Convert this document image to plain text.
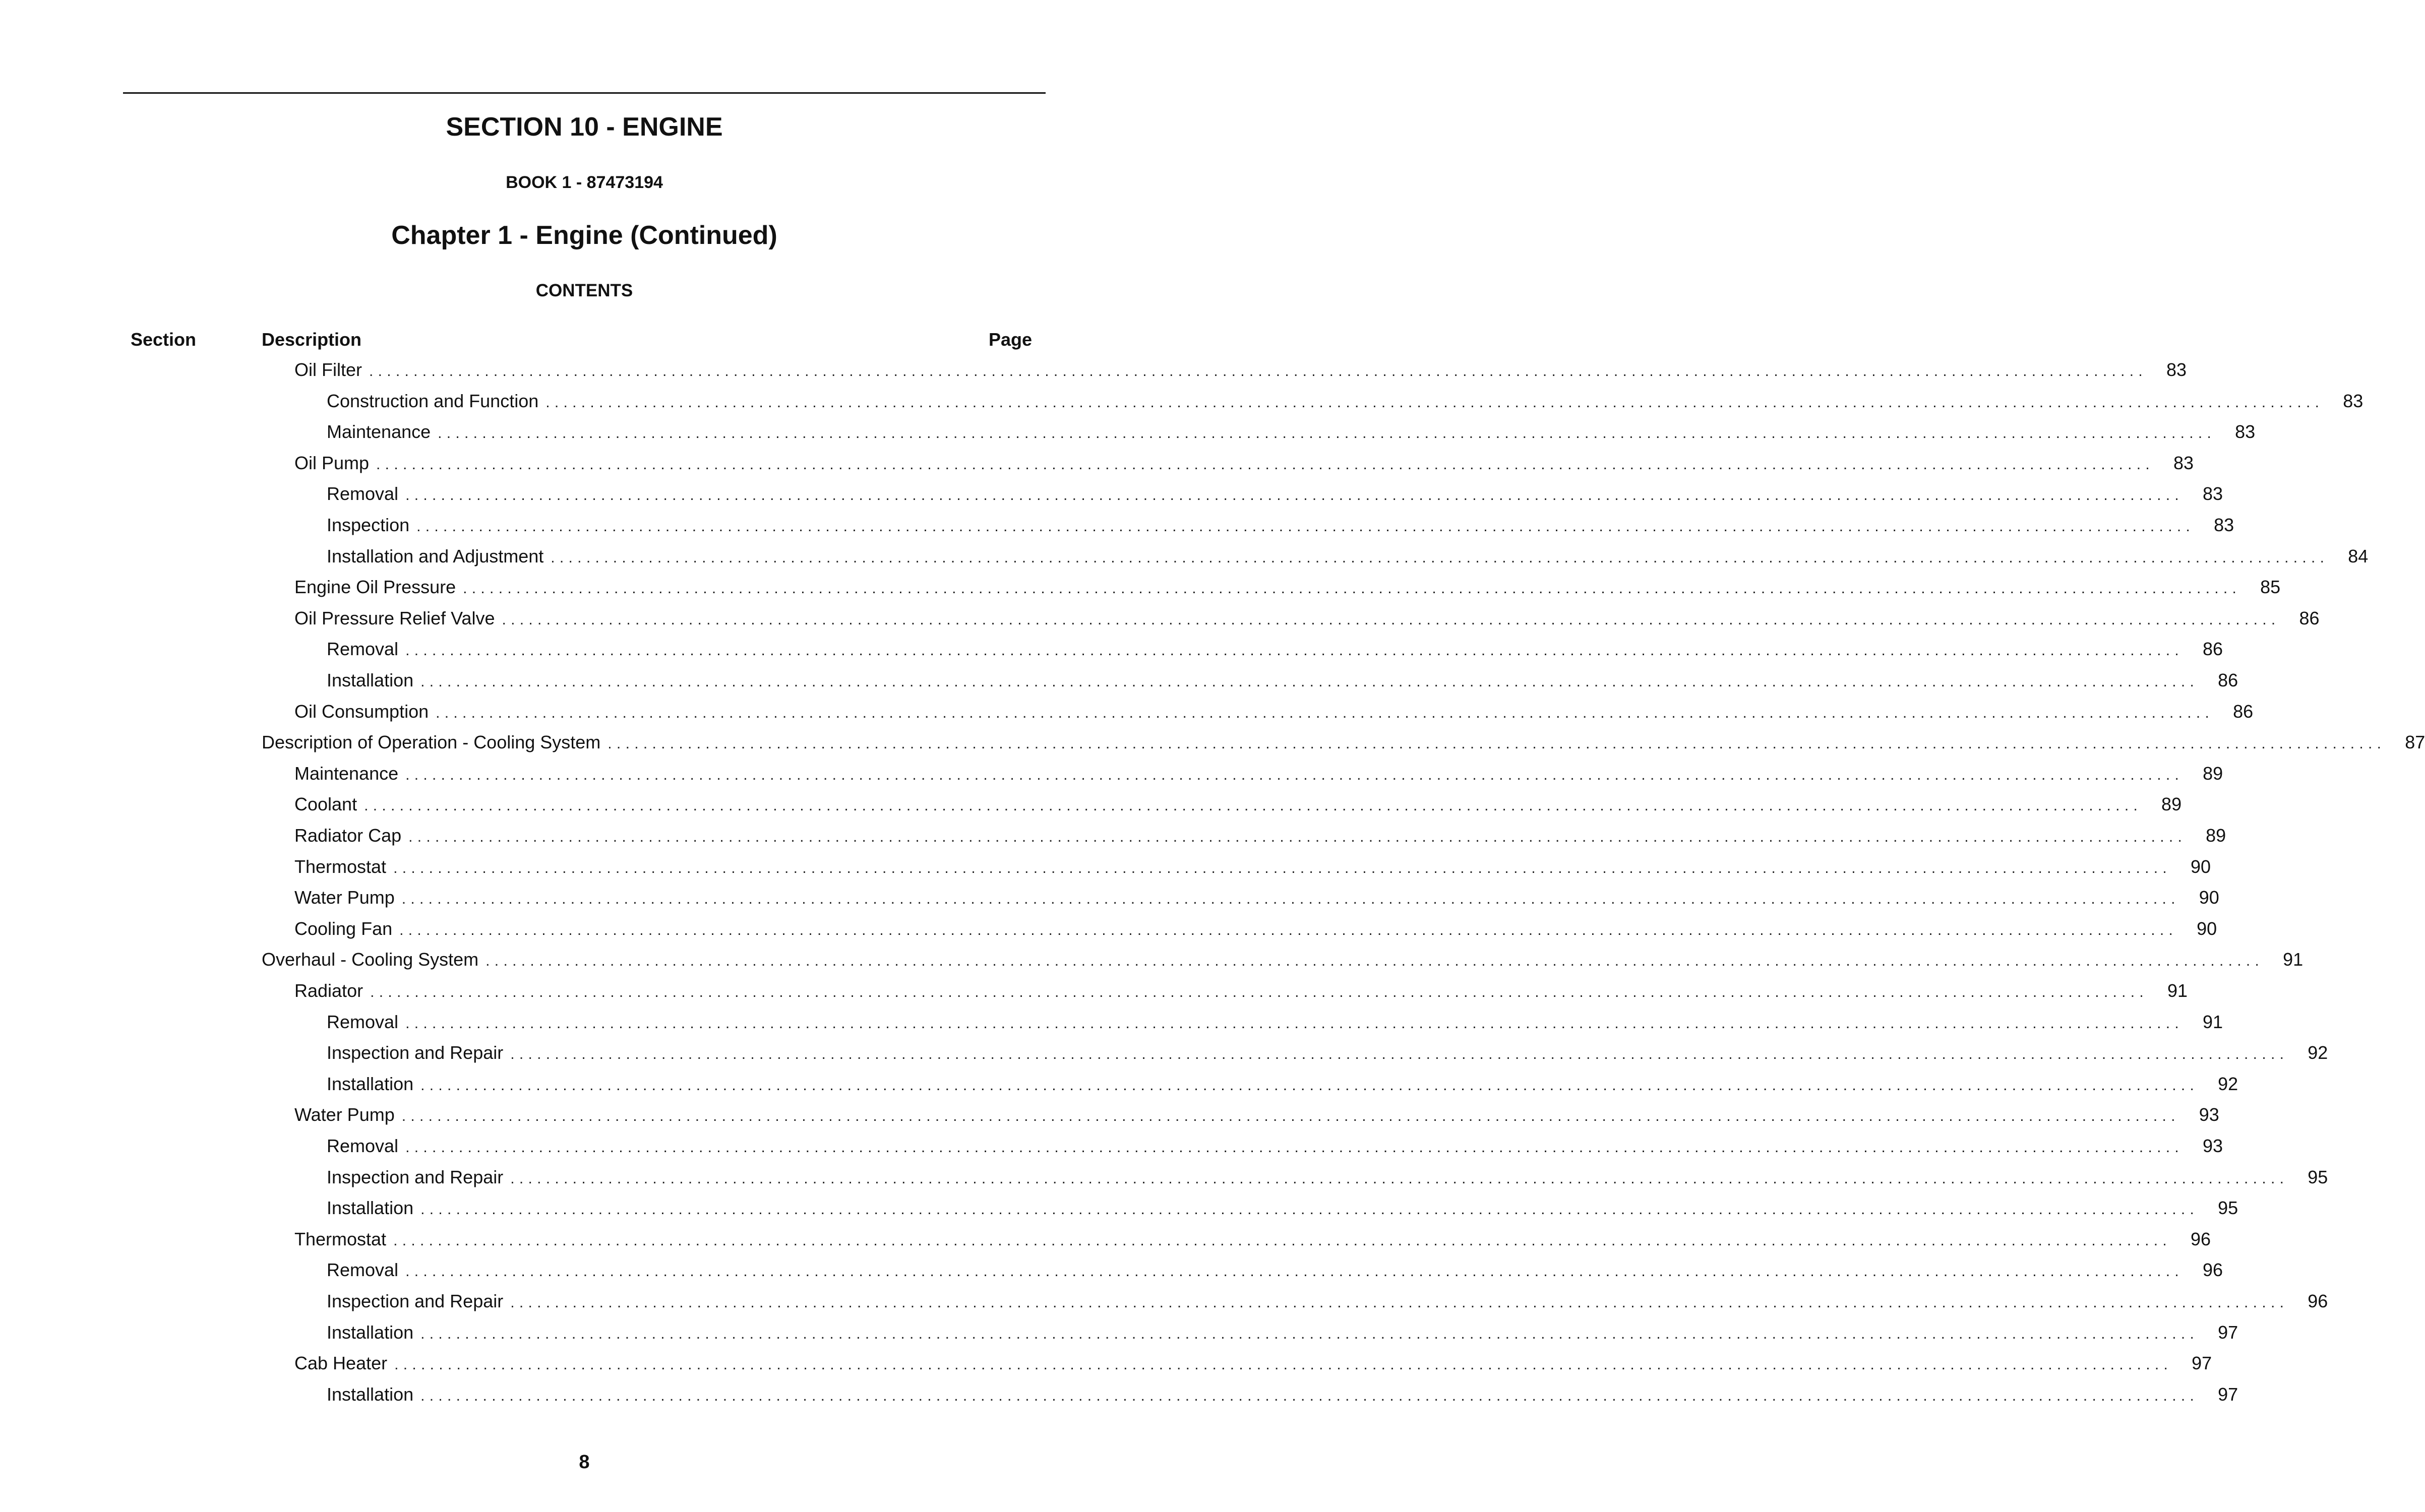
SECTION 10 - ENGINE
BOOK 1 - 87473194
Chapter 1 - Engine (Continued)
CONTENTS
Section	Description	Page
Oil Filter ........................................................................................................................................................................................................	83
Construction and Function ........................................................................................................................................................................................................	83
Maintenance ........................................................................................................................................................................................................	83
Oil Pump ........................................................................................................................................................................................................	83
Removal ........................................................................................................................................................................................................	83
Inspection ........................................................................................................................................................................................................	83
Installation and Adjustment ........................................................................................................................................................................................................	84
Engine Oil Pressure ........................................................................................................................................................................................................	85
Oil Pressure Relief Valve ........................................................................................................................................................................................................	86
Removal ........................................................................................................................................................................................................	86
Installation ........................................................................................................................................................................................................	86
Oil Consumption ........................................................................................................................................................................................................	86
Description of Operation - Cooling System ........................................................................................................................................................................................................	87
Maintenance ........................................................................................................................................................................................................	89
Coolant ........................................................................................................................................................................................................	89
Radiator Cap ........................................................................................................................................................................................................	89
Thermostat ........................................................................................................................................................................................................	90
Water Pump ........................................................................................................................................................................................................	90
Cooling Fan ........................................................................................................................................................................................................	90
Overhaul - Cooling System ........................................................................................................................................................................................................	91
Radiator ........................................................................................................................................................................................................	91
Removal ........................................................................................................................................................................................................	91
Inspection and Repair ........................................................................................................................................................................................................	92
Installation ........................................................................................................................................................................................................	92
Water Pump ........................................................................................................................................................................................................	93
Removal ........................................................................................................................................................................................................	93
Inspection and Repair ........................................................................................................................................................................................................	95
Installation ........................................................................................................................................................................................................	95
Thermostat ........................................................................................................................................................................................................	96
Removal ........................................................................................................................................................................................................	96
Inspection and Repair ........................................................................................................................................................................................................	96
Installation ........................................................................................................................................................................................................	97
Cab Heater ........................................................................................................................................................................................................	97
Installation ........................................................................................................................................................................................................	97
8
